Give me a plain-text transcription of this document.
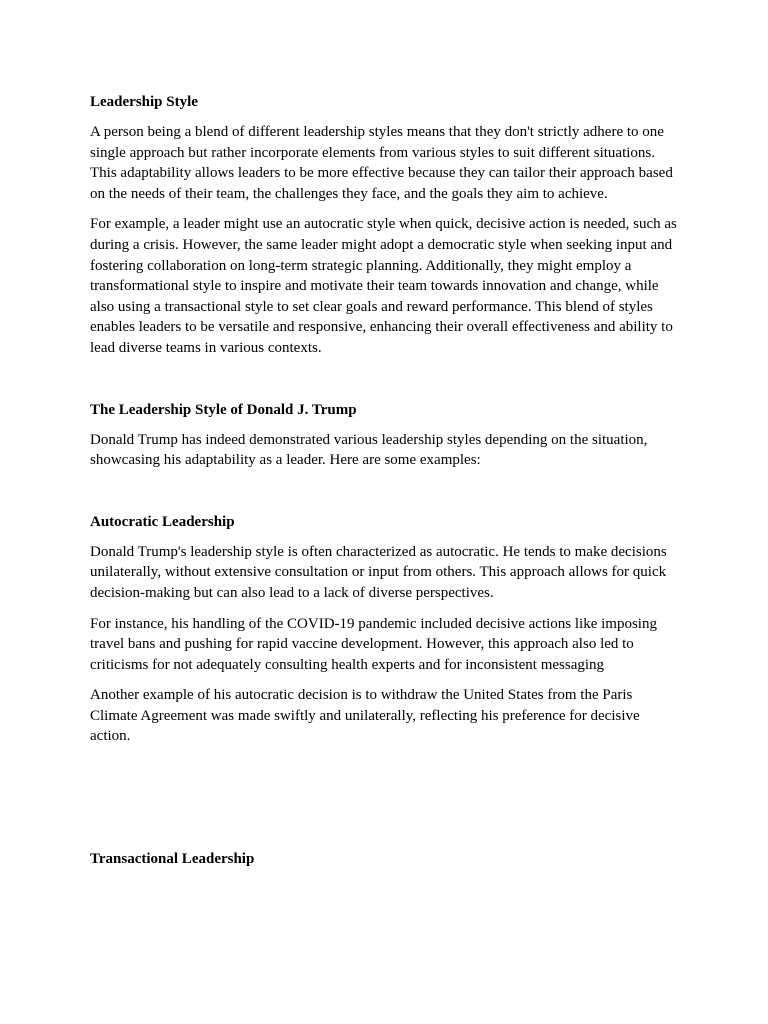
Leadership Style

A person being a blend of different leadership styles means that they don't strictly adhere to one single approach but rather incorporate elements from various styles to suit different situations. This adaptability allows leaders to be more effective because they can tailor their approach based on the needs of their team, the challenges they face, and the goals they aim to achieve.

For example, a leader might use an autocratic style when quick, decisive action is needed, such as during a crisis. However, the same leader might adopt a democratic style when seeking input and fostering collaboration on long-term strategic planning. Additionally, they might employ a transformational style to inspire and motivate their team towards innovation and change, while also using a transactional style to set clear goals and reward performance. This blend of styles enables leaders to be versatile and responsive, enhancing their overall effectiveness and ability to lead diverse teams in various contexts.

The Leadership Style of Donald J. Trump

Donald Trump has indeed demonstrated various leadership styles depending on the situation, showcasing his adaptability as a leader. Here are some examples:

Autocratic Leadership

Donald Trump's leadership style is often characterized as autocratic. He tends to make decisions unilaterally, without extensive consultation or input from others. This approach allows for quick decision-making but can also lead to a lack of diverse perspectives.

For instance, his handling of the COVID-19 pandemic included decisive actions like imposing travel bans and pushing for rapid vaccine development. However, this approach also led to criticisms for not adequately consulting health experts and for inconsistent messaging

Another example of his autocratic decision is to withdraw the United States from the Paris Climate Agreement was made swiftly and unilaterally, reflecting his preference for decisive action.

Transactional Leadership
